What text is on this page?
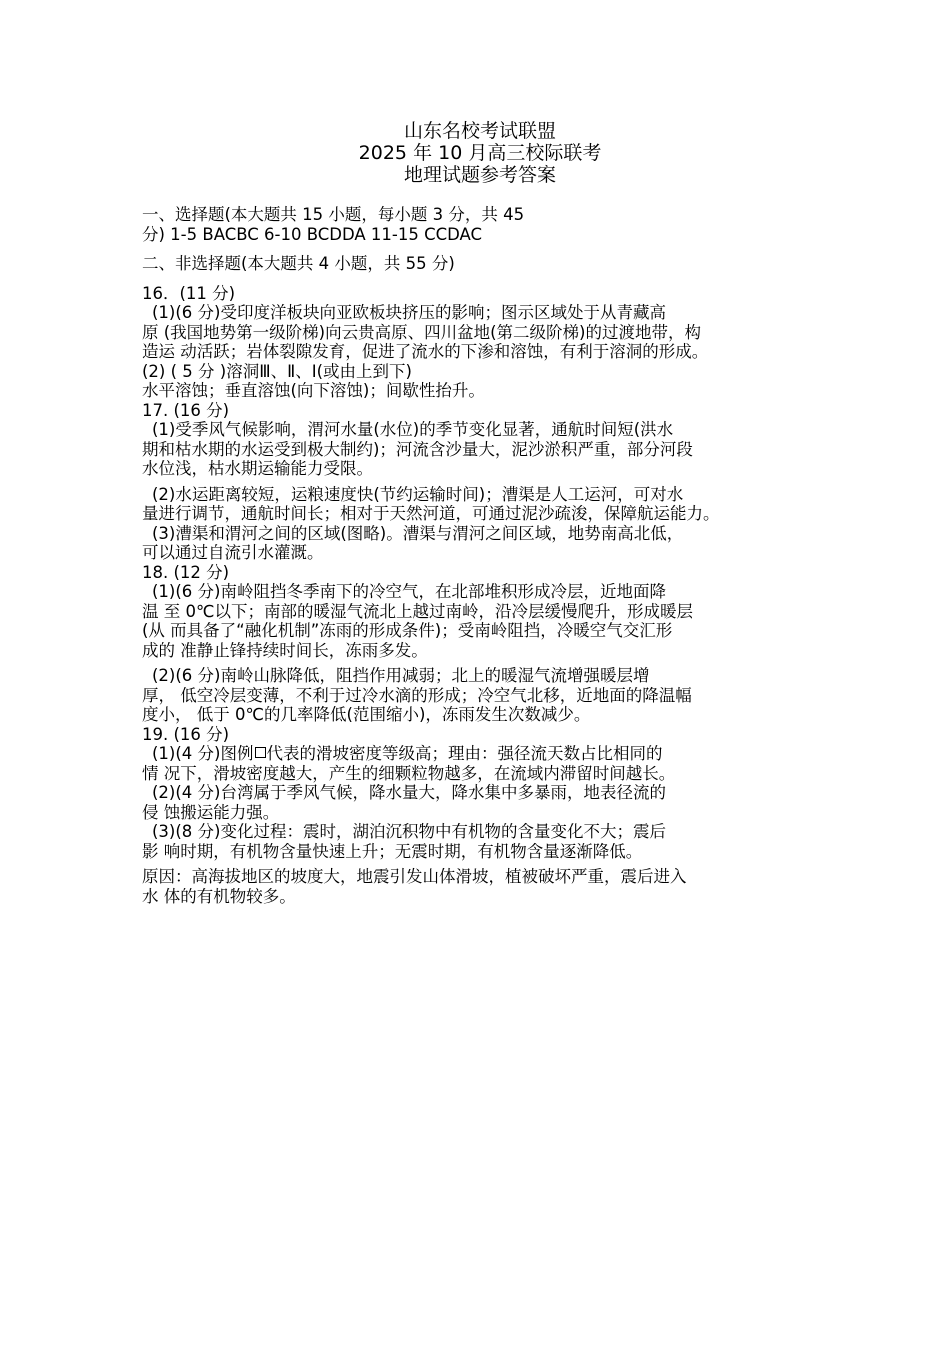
山东名校考试联盟
2025 年 10 月高三校际联考
地理试题参考答案
一、选择题(本大题共 15 小题，每小题 3 分，共 45
分) 1-5 BACBC 6-10 BCDDA 11-15 CCDAC
二、非选择题(本大题共 4 小题，共 55 分)
16．(11 分)
(1)(6 分)受印度洋板块向亚欧板块挤压的影响；图示区域处于从青藏高
原 (我国地势第一级阶梯)向云贵高原、四川盆地(第二级阶梯)的过渡地带，构
造运 动活跃；岩体裂隙发育，促进了流水的下渗和溶蚀，有利于溶洞的形成。
(2) ( 5 分 )溶洞Ⅲ、Ⅱ、Ⅰ(或由上到下)
水平溶蚀；垂直溶蚀(向下溶蚀)；间歇性抬升。
17. (16 分)
(1)受季风气候影响，渭河水量(水位)的季节变化显著，通航时间短(洪水
期和枯水期的水运受到极大制约)；河流含沙量大，泥沙淤积严重，部分河段
水位浅，枯水期运输能力受限。
(2)水运距离较短，运粮速度快(节约运输时间)；漕渠是人工运河，可对水
量进行调节，通航时间长；相对于天然河道，可通过泥沙疏浚，保障航运能力。
(3)漕渠和渭河之间的区域(图略)。漕渠与渭河之间区域，地势南高北低，
可以通过自流引水灌溉。
18. (12 分)
(1)(6 分)南岭阻挡冬季南下的冷空气，在北部堆积形成冷层，近地面降
温 至 0℃以下；南部的暖湿气流北上越过南岭，沿冷层缓慢爬升，形成暖层
(从 而具备了“融化机制”冻雨的形成条件)；受南岭阻挡，冷暖空气交汇形
成的 准静止锋持续时间长，冻雨多发。
(2)(6 分)南岭山脉降低，阻挡作用减弱；北上的暖湿气流增强暖层增
厚， 低空冷层变薄，不利于过冷水滴的形成；冷空气北移，近地面的降温幅
度小， 低于 0℃的几率降低(范围缩小)，冻雨发生次数减少。
19. (16 分)
(1)(4 分)图例 代表的滑坡密度等级高；理由：强径流天数占比相同的
情 况下，滑坡密度越大，产生的细颗粒物越多，在流域内滞留时间越长。
(2)(4 分)台湾属于季风气候，降水量大，降水集中多暴雨，地表径流的
侵 蚀搬运能力强。
(3)(8 分)变化过程：震时，湖泊沉积物中有机物的含量变化不大；震后
影 响时期，有机物含量快速上升；无震时期，有机物含量逐渐降低。
原因：高海拔地区的坡度大，地震引发山体滑坡，植被破坏严重，震后进入
水 体的有机物较多。
